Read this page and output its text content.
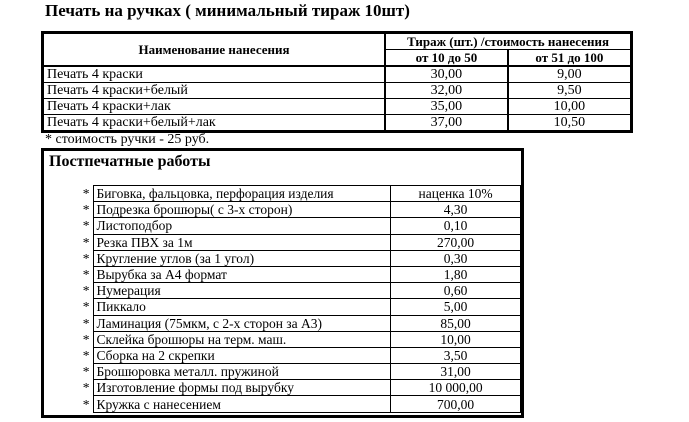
Печать на ручках ( минимальный тираж 10шт)
Наименование нанесения	Тираж (шт.) /стоимость нанесения	
	от 10 до 50	от 51 до 100
Печать 4 краски	30,00	9,00
Печать 4 краски+белый	32,00	9,50
Печать 4 краски+лак	35,00	10,00
Печать 4 краски+белый+лак	37,00	10,50
* стоимость ручки - 25 руб.
Постпечатные работы
*	Биговка, фальцовка, перфорация изделия	наценка 10%
*	Подрезка брошюры( с 3-х сторон)	4,30
*	Листоподбор	0,10
*	Резка ПВХ за 1м	270,00
*	Кругление углов (за 1 угол)	0,30
*	Вырубка за А4 формат	1,80
*	Нумерация	0,60
*	Пиккало	5,00
*	Ламинация (75мкм, с 2-х сторон за А3)	85,00
*	Склейка брошюры на терм. маш.	10,00
*	Сборка на 2 скрепки	3,50
*	Брошюровка металл. пружиной	31,00
*	Изготовление формы под вырубку	10 000,00
*	Кружка с нанесением	700,00
